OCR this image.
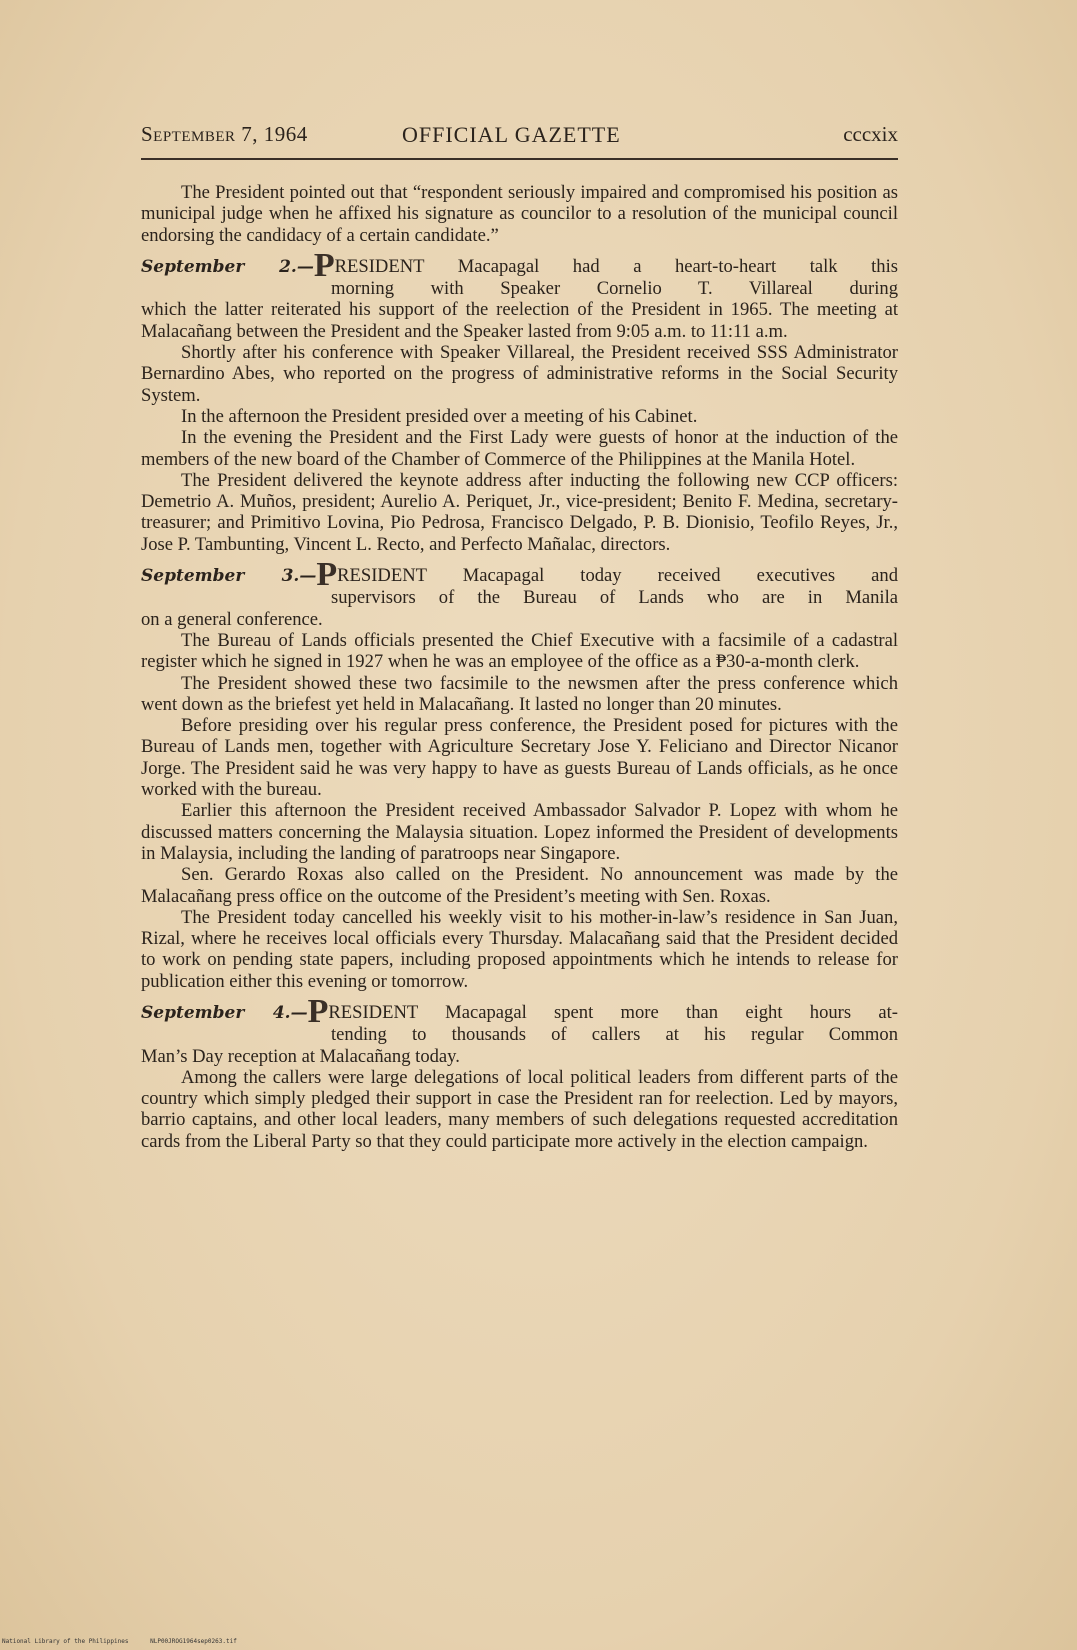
September 7, 1964	OFFICIAL GAZETTE	cccxix

The President pointed out that “respondent seriously impaired and compromised his position as municipal judge when he affixed his signature as councilor to a resolution of the municipal council endorsing the candidacy of a certain candidate.”

September 2.—PRESIDENT Macapagal had a heart-to-heart talk this
morning with Speaker Cornelio T. Villareal during

which the latter reiterated his support of the reelection of the President in 1965. The meeting at Malacañang between the President and the Speaker lasted from 9:05 a.m. to 11:11 a.m.

Shortly after his conference with Speaker Villareal, the President received SSS Administrator Bernardino Abes, who reported on the progress of administrative reforms in the Social Security System.

In the afternoon the President presided over a meeting of his Cabinet.

In the evening the President and the First Lady were guests of honor at the induction of the members of the new board of the Chamber of Commerce of the Philippines at the Manila Hotel.

The President delivered the keynote address after inducting the following new CCP officers: Demetrio A. Muños, president; Aurelio A. Periquet, Jr., vice-president; Benito F. Medina, secretary-treasurer; and Primitivo Lovina, Pio Pedrosa, Francisco Delgado, P. B. Dionisio, Teofilo Reyes, Jr., Jose P. Tambunting, Vincent L. Recto, and Perfecto Mañalac, directors.

September 3.—PRESIDENT Macapagal today received executives and
supervisors of the Bureau of Lands who are in Manila

on a general conference.

The Bureau of Lands officials presented the Chief Executive with a facsimile of a cadastral register which he signed in 1927 when he was an employee of the office as a ₱30-a-month clerk.

The President showed these two facsimile to the newsmen after the press conference which went down as the briefest yet held in Malacañang. It lasted no longer than 20 minutes.

Before presiding over his regular press conference, the President posed for pictures with the Bureau of Lands men, together with Agriculture Secretary Jose Y. Feliciano and Director Nicanor Jorge. The President said he was very happy to have as guests Bureau of Lands officials, as he once worked with the bureau.

Earlier this afternoon the President received Ambassador Salvador P. Lopez with whom he discussed matters concerning the Malaysia situation. Lopez informed the President of developments in Malaysia, including the landing of paratroops near Singapore.

Sen. Gerardo Roxas also called on the President. No announcement was made by the Malacañang press office on the outcome of the President’s meeting with Sen. Roxas.

The President today cancelled his weekly visit to his mother-in-law’s residence in San Juan, Rizal, where he receives local officials every Thursday. Malacañang said that the President decided to work on pending state papers, including proposed appointments which he intends to release for publication either this evening or tomorrow.

September 4.—PRESIDENT Macapagal spent more than eight hours at-
tending to thousands of callers at his regular Common

Man’s Day reception at Malacañang today.

Among the callers were large delegations of local political leaders from different parts of the country which simply pledged their support in case the President ran for reelection. Led by mayors, barrio captains, and other local leaders, many members of such delegations requested accreditation cards from the Liberal Party so that they could participate more actively in the election campaign.

National Library of the Philippines      NLP00JROG1964sep0263.tif
